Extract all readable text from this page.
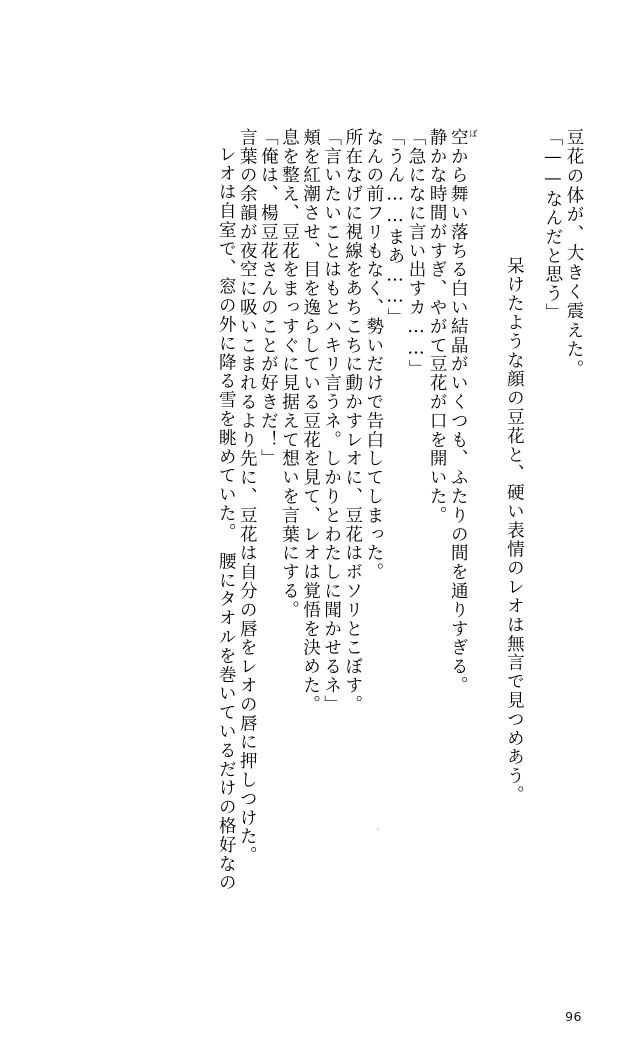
豆花の体が、大きく震えた。
「——なんだと思う」

呆けたような顔の豆花と、硬い表情のレオは無言で見つめあう。

ぼ

空から舞い落ちる白い結晶がいくつも、ふたりの間を通りすぎる。
静かな時間がすぎ、やがて豆花が口を開いた。
「急になに言い出すカ……」
「うん……まあ……」
なんの前フリもなく、勢いだけで告白してしまった。
所在なげに視線をあちこちに動かすレオに、豆花はボソリとこぼす。
「言いたいことはもとハキリ言うネ。しかりとわたしに聞かせるネ」
頬を紅潮させ、目を逸らしている豆花を見て、レオは覚悟を決めた。
息を整え、豆花をまっすぐに見据えて想いを言葉にする。
「俺は、楊豆花さんのことが好きだ！」
言葉の余韻が夜空に吸いこまれるより先に、豆花は自分の唇をレオの唇に押しつけた。
レオは自室で、窓の外に降る雪を眺めていた。　腰にタオルを巻いているだけの格好なの
96
